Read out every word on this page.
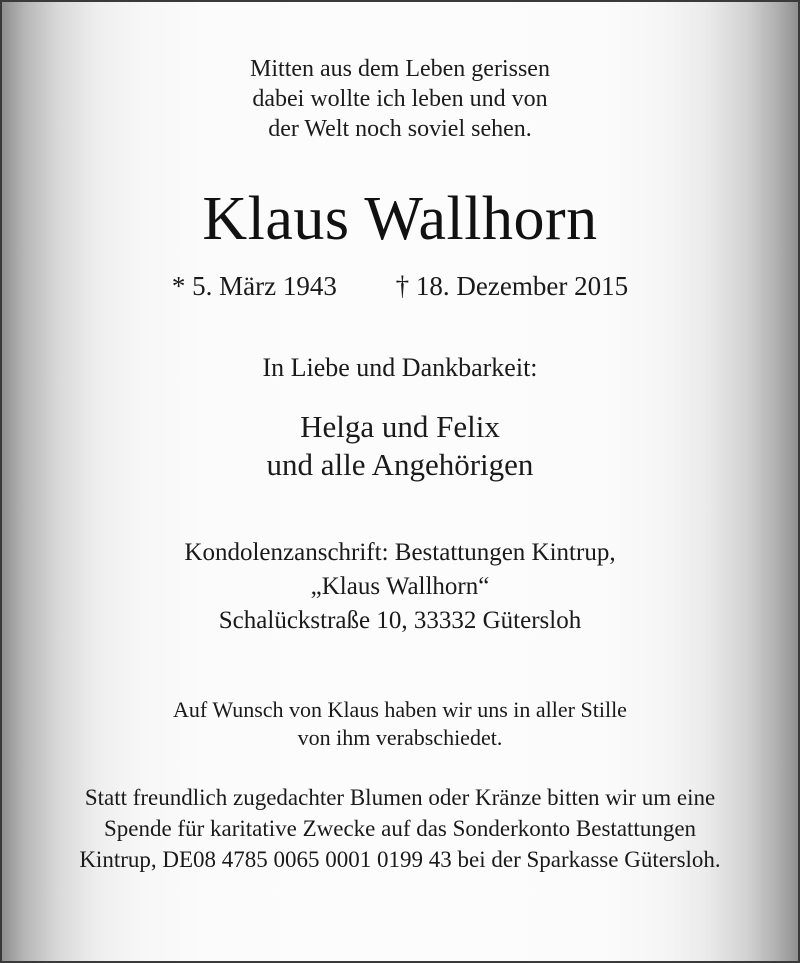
Mitten aus dem Leben gerissen
dabei wollte ich leben und von
der Welt noch soviel sehen.
Klaus Wallhorn
* 5. März 1943 † 18. Dezember 2015
In Liebe und Dankbarkeit:
Helga und Felix
und alle Angehörigen
Kondolenzanschrift: Bestattungen Kintrup,
„Klaus Wallhorn“
Schalückstraße 10, 33332 Gütersloh
Auf Wunsch von Klaus haben wir uns in aller Stille
von ihm verabschiedet.
Statt freundlich zugedachter Blumen oder Kränze bitten wir um eine
Spende für karitative Zwecke auf das Sonderkonto Bestattungen
Kintrup, DE08 4785 0065 0001 0199 43 bei der Sparkasse Gütersloh.
